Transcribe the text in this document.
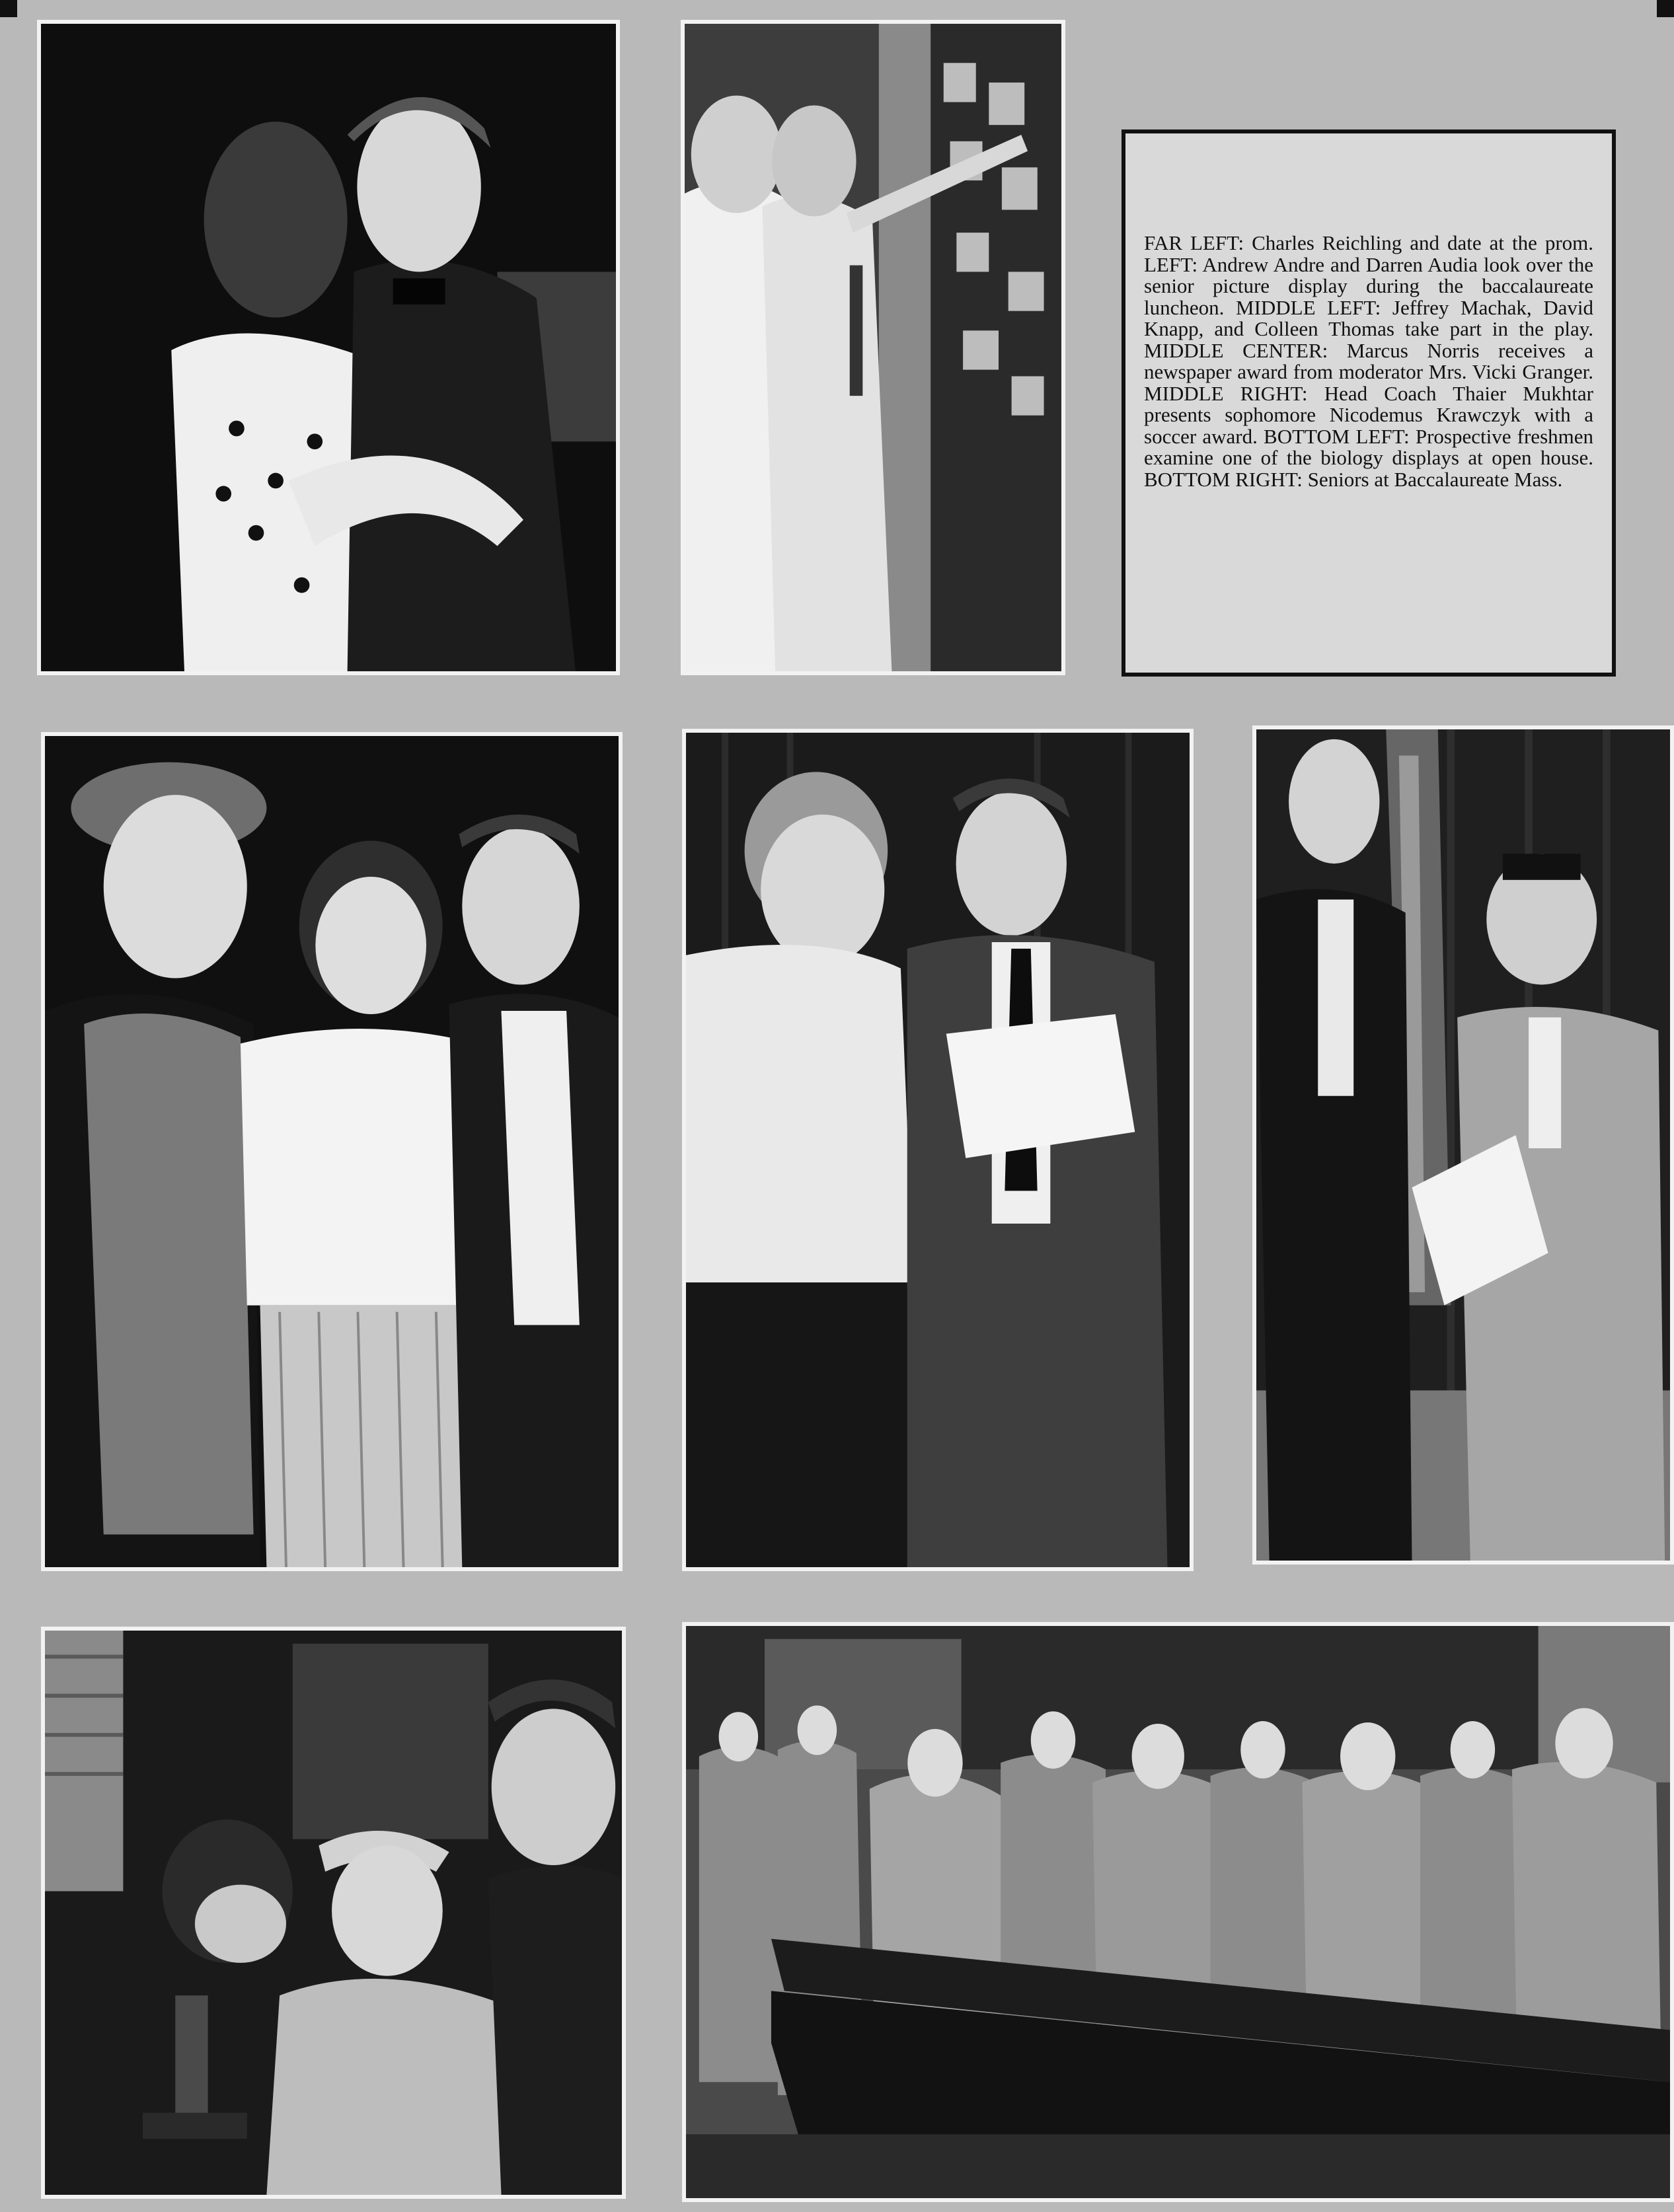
FAR LEFT: Charles Reichling and date at the prom. LEFT: Andrew Andre and Darren Audia look over the senior picture display during the baccalaureate luncheon. MIDDLE LEFT: Jeffrey Machak, David Knapp, and Colleen Thomas take part in the play. MIDDLE CENTER: Marcus Norris receives a newspaper award from moderator Mrs. Vicki Granger. MIDDLE RIGHT: Head Coach Thaier Mukhtar presents sophomore Nicodemus Krawczyk with a soccer award. BOTTOM LEFT: Prospective freshmen examine one of the biology displays at open house. BOTTOM RIGHT: Seniors at Baccalaureate Mass.
